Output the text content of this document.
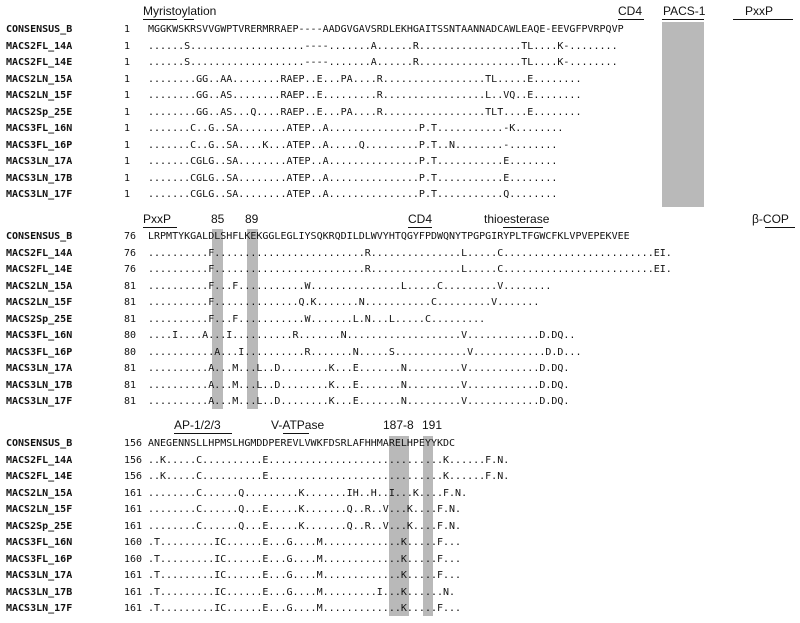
Myristoylation	CD4 PACS-1	PxxP
CONSENSUS_B	1 MGGKWSKRSVVGWPTVRERMRRAEP----AADGVGAVSRDLEKHGAITSSNTAANNADCAWLEAQE-EEVGFPVRPQVP
MACS2FL_14A	1 ......S...................----.......A......R.................TL....K-........
MACS2FL_14E	1 ......S...................----.......A......R.................TL....K-........
MACS2LN_15A	1 ........GG..AA........RAEP..E...PA....R.................TL.....E........
MACS2LN_15F	1 ........GG..AS........RAEP..E.........R.................L..VQ..E........
MACS2Sp_25E	1 ........GG..AS...Q....RAEP..E...PA....R.................TLT....E........
MACS3FL_16N	1 .......C..G..SA........ATEP..A...............P.T...........-K........
MACS3FL_16P	1 .......C..G..SA....K...ATEP..A.....Q.........P.T..N........-........
MACS3LN_17A	1 .......CGLG..SA........ATEP..A...............P.T...........E........
MACS3LN_17B	1 .......CGLG..SA........ATEP..A...............P.T...........E........
MACS3LN_17F	1 .......CGLG..SA........ATEP..A...............P.T...........Q........
PxxP	85 89	CD4	thioesterase	β-COP
CONSENSUS_B	76 LRPMTYKGALDLSHFLKEKGGLEGLIYSQKRQDILDLWVYHTQGYFPDWQNYTPGPGIRYPLTFGWCFKLVPVEPEKVEE
MACS2FL_14A	76 ..........F.........................R...............L.....C.........................EI.
MACS2FL_14E	76 ..........F.........................R...............L.....C.........................EI.
MACS2LN_15A	81 ..........F...F...........W...............L.....C.........V........
MACS2LN_15F	81 ..........F..............Q.K.......N...........C.........V.......
MACS2Sp_25E	81 ..........F...F...........W.......L.N...L.....C.........
MACS3FL_16N	80 ....I....A...I..........R.......N...................V............D.DQ..
MACS3FL_16P	80 ...........A...I..........R.......N.....S............V............D.D...
MACS3LN_17A	81 ..........A...M...L..D........K...E.......N.........V............D.DQ.
MACS3LN_17B	81 ..........A...M...L..D........K...E.......N.........V............D.DQ.
MACS3LN_17F	81 ..........A...M...L..D........K...E.......N.........V............D.DQ.
AP-1/2/3	V-ATPase	187-8 191
CONSENSUS_B	156 ANEGENNSLLHPMSLHGMDDPEREVLVWKFDSRLAFHHMARELHPEYYKDC
MACS2FL_14A	156 ..K.....C..........E.............................K......F.N.
MACS2FL_14E	156 ..K.....C..........E.............................K......F.N.
MACS2LN_15A	161 ........C......Q.........K.......IH..H..I...K....F.N.
MACS2LN_15F	161 ........C......Q...E.....K.......Q..R..V...K....F.N.
MACS2Sp_25E	161 ........C......Q...E.....K.......Q..R..V...K....F.N.
MACS3FL_16N	160 .T.........IC......E...G....M.............K.....F...
MACS3FL_16P	160 .T.........IC......E...G....M.............K.....F...
MACS3LN_17A	161 .T.........IC......E...G....M.............K.....F...
MACS3LN_17B	161 .T.........IC......E...G....M.........I...K......N.
MACS3LN_17F	161 .T.........IC......E...G....M.............K.....F...
